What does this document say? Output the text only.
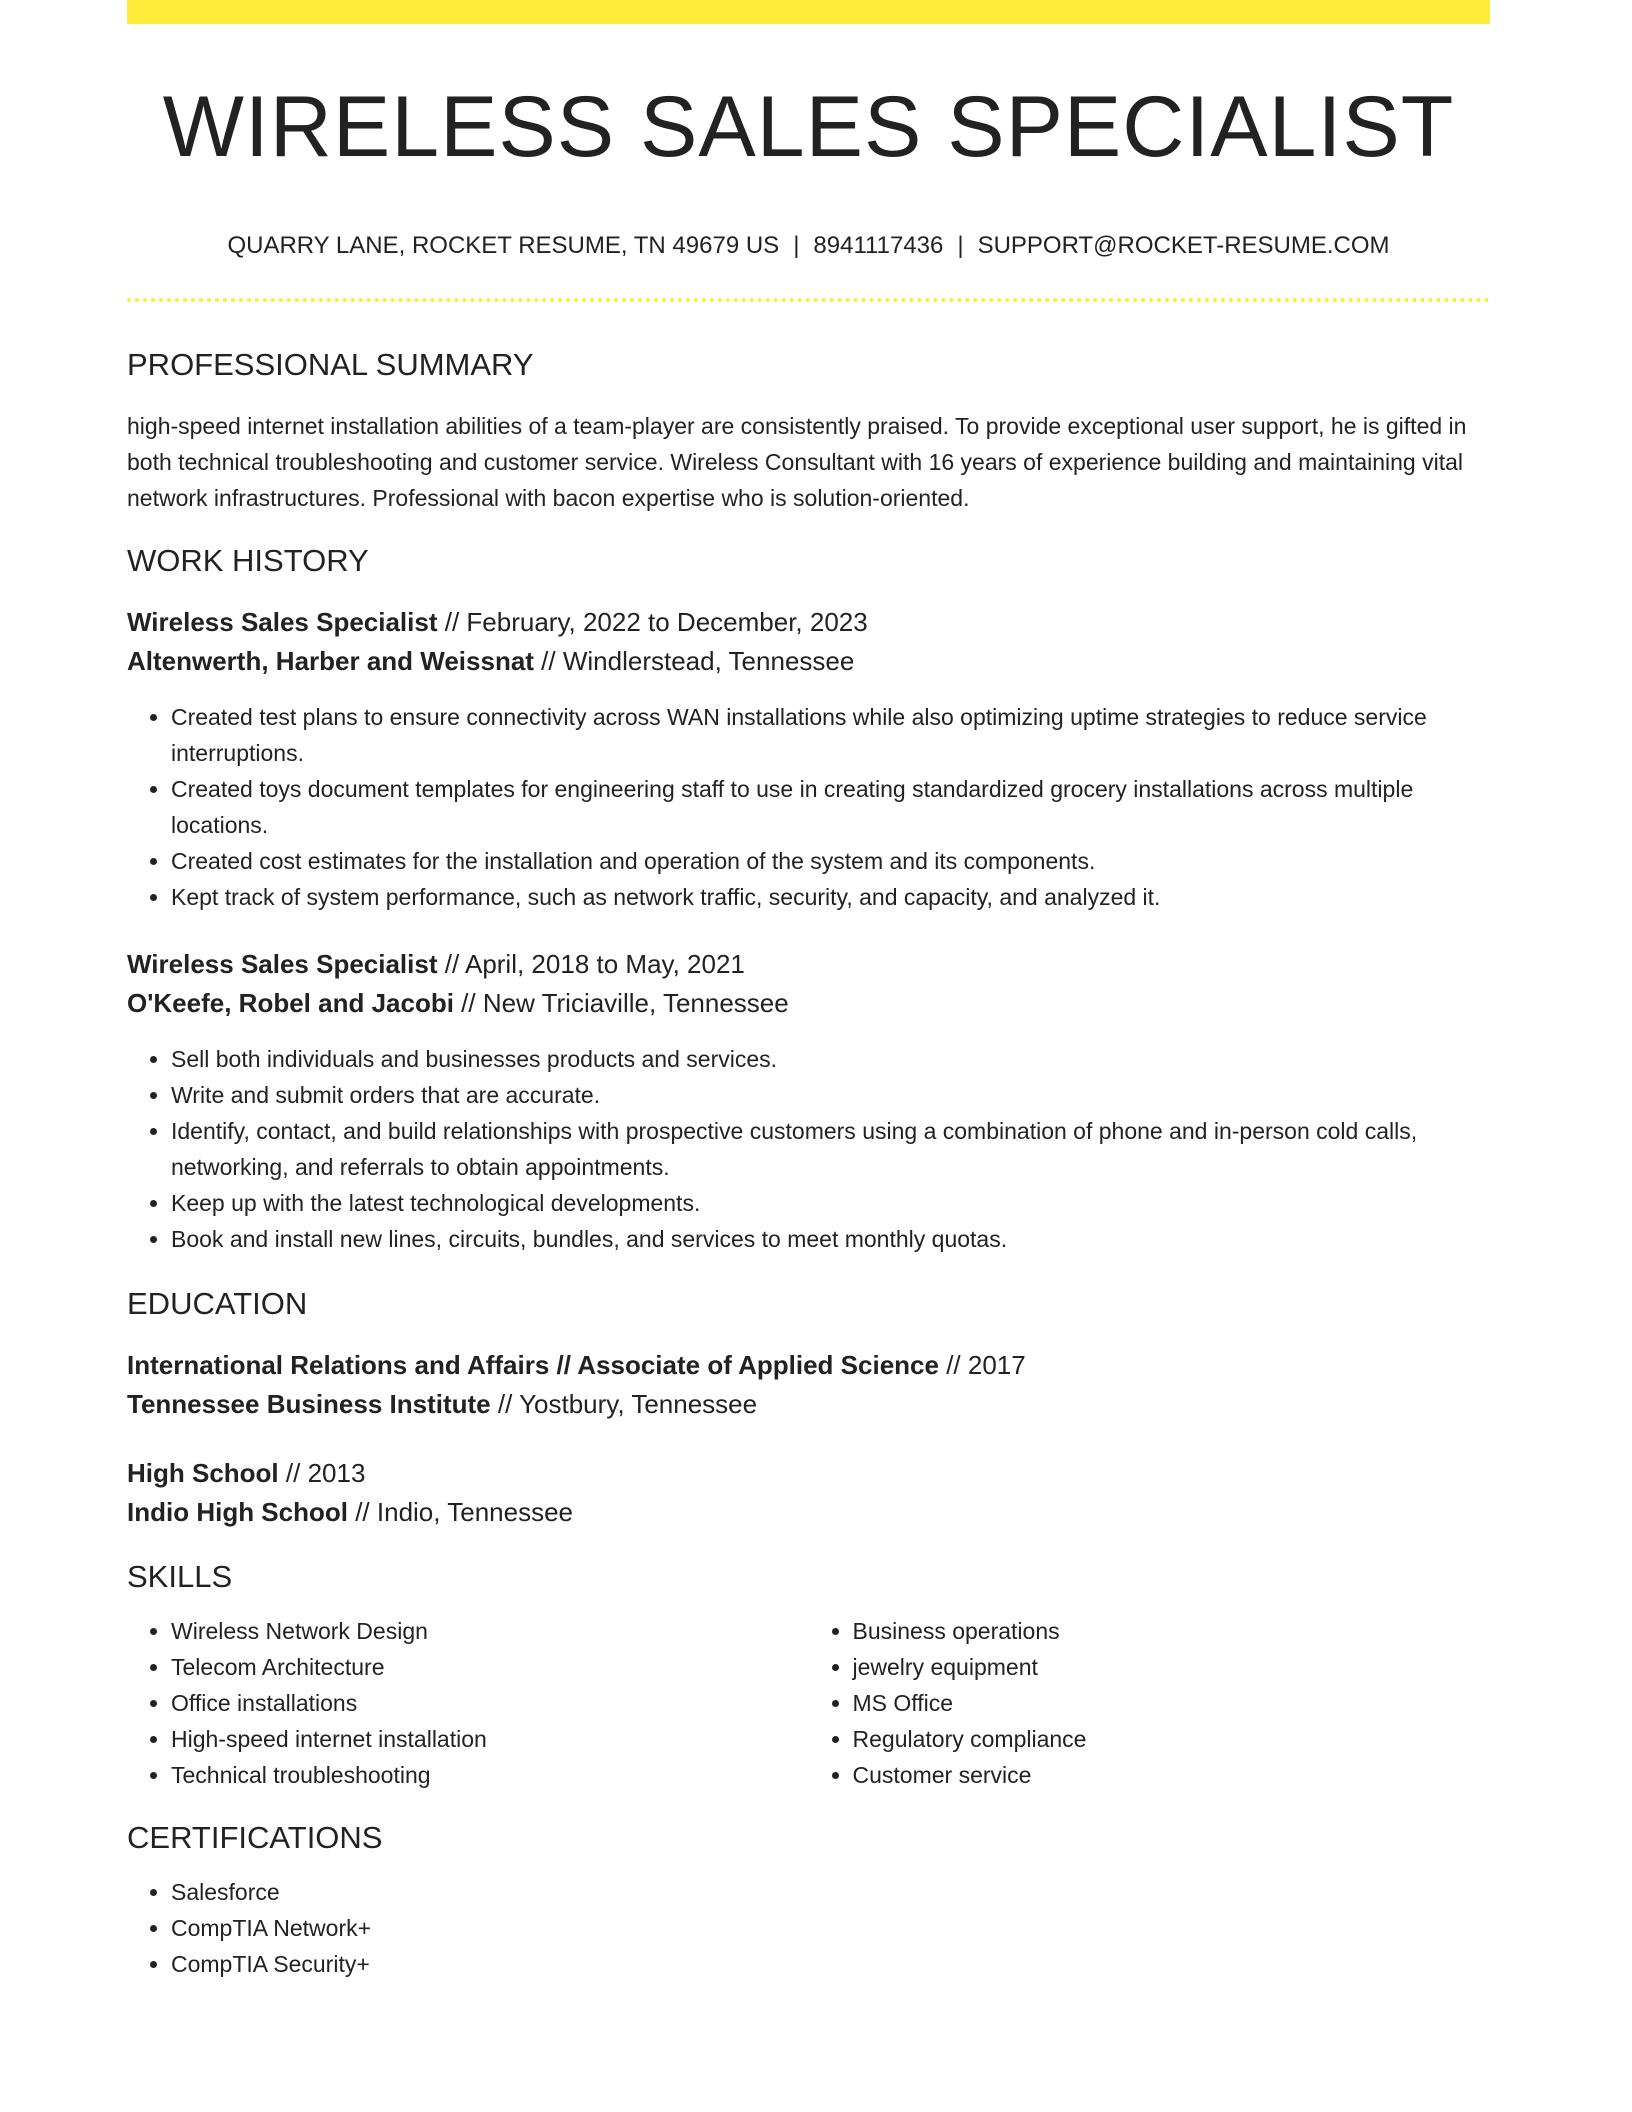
WIRELESS SALES SPECIALIST
QUARRY LANE, ROCKET RESUME, TN 49679 US | 8941117436 | SUPPORT@ROCKET-RESUME.COM
PROFESSIONAL SUMMARY
high-speed internet installation abilities of a team-player are consistently praised. To provide exceptional user support, he is gifted in both technical troubleshooting and customer service. Wireless Consultant with 16 years of experience building and maintaining vital network infrastructures. Professional with bacon expertise who is solution-oriented.
WORK HISTORY
Wireless Sales Specialist // February, 2022 to December, 2023
Altenwerth, Harber and Weissnat // Windlerstead, Tennessee
• Created test plans to ensure connectivity across WAN installations while also optimizing uptime strategies to reduce service interruptions.
• Created toys document templates for engineering staff to use in creating standardized grocery installations across multiple locations.
• Created cost estimates for the installation and operation of the system and its components.
• Kept track of system performance, such as network traffic, security, and capacity, and analyzed it.
Wireless Sales Specialist // April, 2018 to May, 2021
O'Keefe, Robel and Jacobi // New Triciaville, Tennessee
• Sell both individuals and businesses products and services.
• Write and submit orders that are accurate.
• Identify, contact, and build relationships with prospective customers using a combination of phone and in-person cold calls, networking, and referrals to obtain appointments.
• Keep up with the latest technological developments.
• Book and install new lines, circuits, bundles, and services to meet monthly quotas.
EDUCATION
International Relations and Affairs // Associate of Applied Science // 2017
Tennessee Business Institute // Yostbury, Tennessee
High School // 2013
Indio High School // Indio, Tennessee
SKILLS
• Wireless Network Design
• Telecom Architecture
• Office installations
• High-speed internet installation
• Technical troubleshooting
• Business operations
• jewelry equipment
• MS Office
• Regulatory compliance
• Customer service
CERTIFICATIONS
• Salesforce
• CompTIA Network+
• CompTIA Security+
